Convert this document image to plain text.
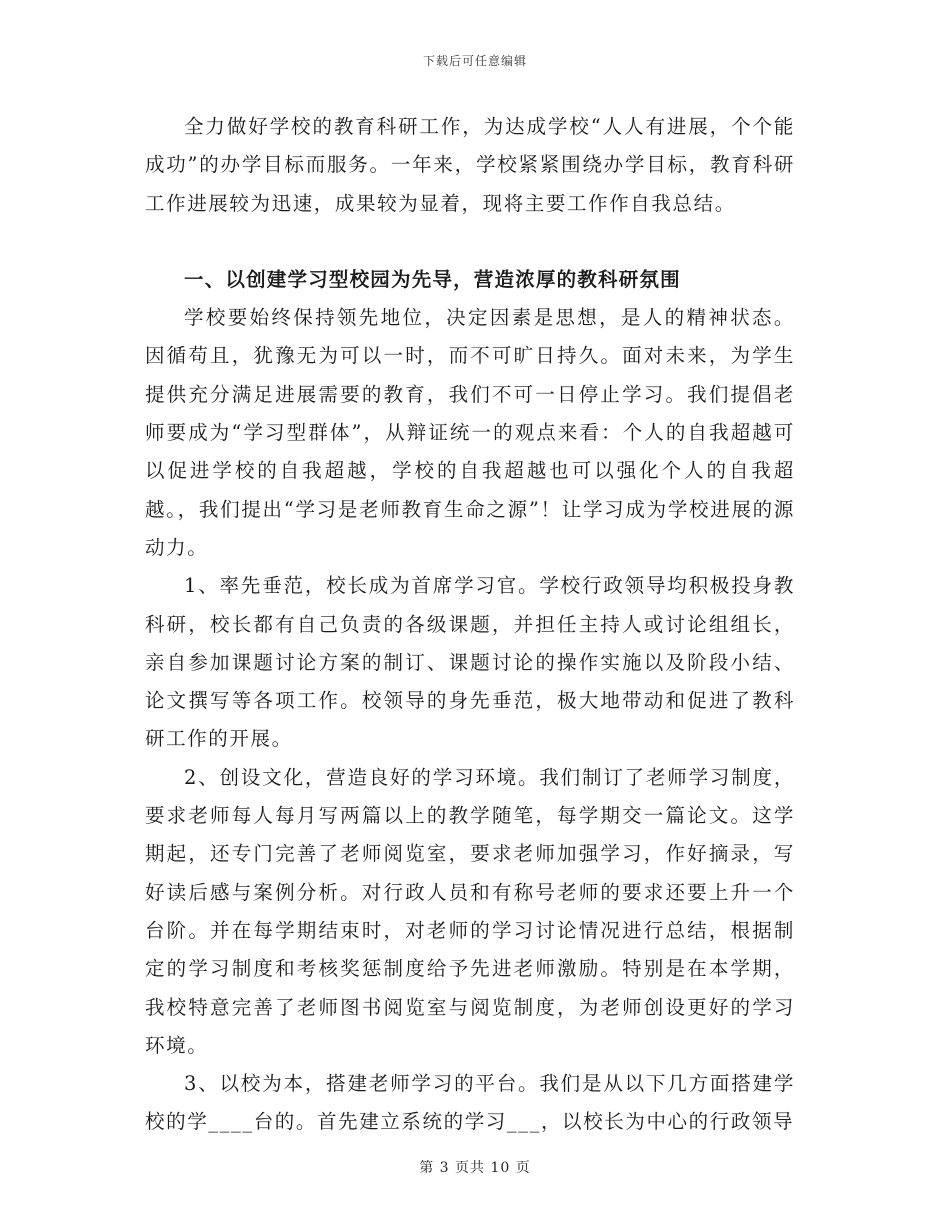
下载后可任意编辑

全力做好学校的教育科研工作，为达成学校“人人有进展，个个能成功”的办学目标而服务。一年来，学校紧紧围绕办学目标，教育科研工作进展较为迅速，成果较为显着，现将主要工作作自我总结。

一、以创建学习型校园为先导，营造浓厚的教科研氛围

学校要始终保持领先地位，决定因素是思想，是人的精神状态。因循苟且，犹豫无为可以一时，而不可旷日持久。面对未来，为学生提供充分满足进展需要的教育，我们不可一日停止学习。我们提倡老师要成为“学习型群体”，从辩证统一的观点来看：个人的自我超越可以促进学校的自我超越，学校的自我超越也可以强化个人的自我超越。，我们提出“学习是老师教育生命之源”！让学习成为学校进展的源动力。

1、率先垂范，校长成为首席学习官。学校行政领导均积极投身教科研，校长都有自己负责的各级课题，并担任主持人或讨论组组长，亲自参加课题讨论方案的制订、课题讨论的操作实施以及阶段小结、论文撰写等各项工作。校领导的身先垂范，极大地带动和促进了教科研工作的开展。

2、创设文化，营造良好的学习环境。我们制订了老师学习制度，要求老师每人每月写两篇以上的教学随笔，每学期交一篇论文。这学期起，还专门完善了老师阅览室，要求老师加强学习，作好摘录，写好读后感与案例分析。对行政人员和有称号老师的要求还要上升一个台阶。并在每学期结束时，对老师的学习讨论情况进行总结，根据制定的学习制度和考核奖惩制度给予先进老师激励。特别是在本学期，我校特意完善了老师图书阅览室与阅览制度，为老师创设更好的学习环境。

3、以校为本，搭建老师学习的平台。我们是从以下几方面搭建学校的学____台的。首先建立系统的学习___，以校长为中心的行政领导

第 3 页共 10 页
